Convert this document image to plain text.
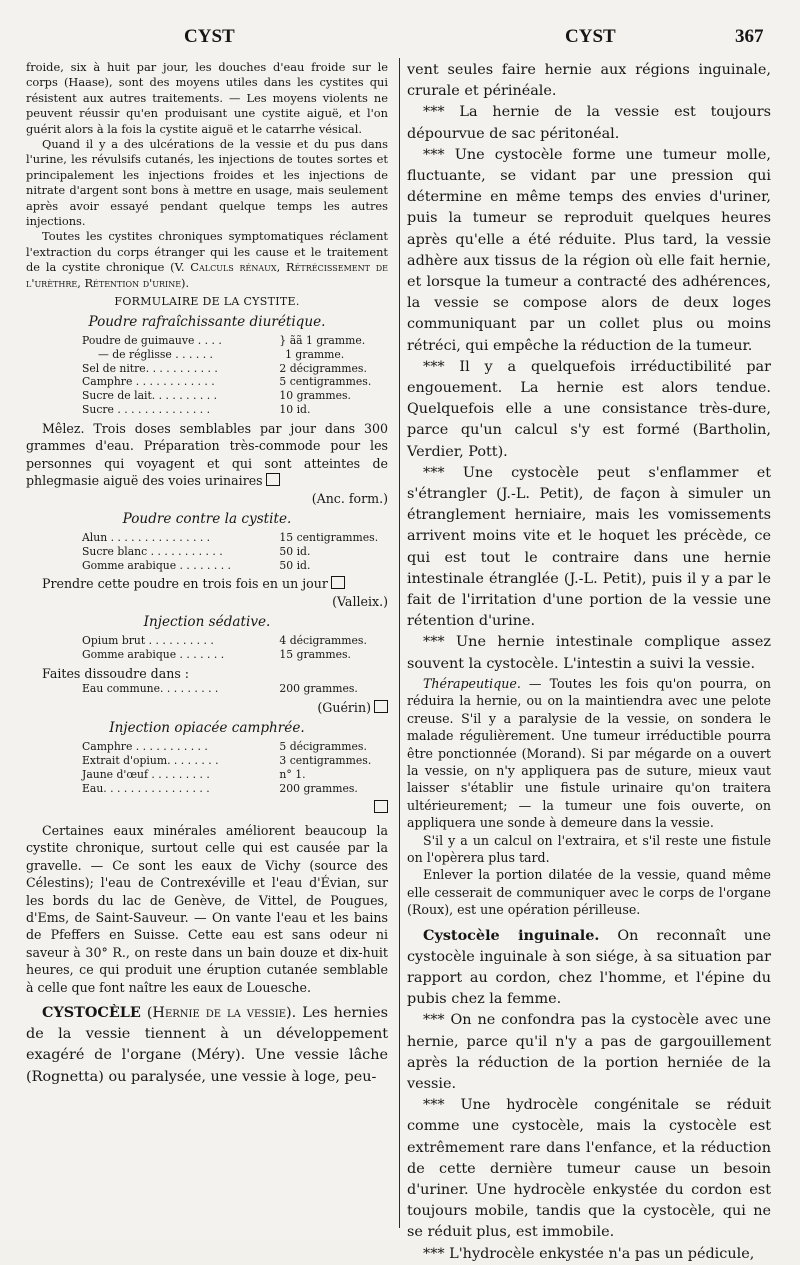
CYST	CYST	367

froide, six à huit par jour, les douches d'eau froide sur le corps (Haase), sont des moyens utiles dans les cystites qui résistent aux autres traitements. — Les moyens violents ne peuvent réussir qu'en produisant une cystite aiguë, et l'on guérit alors à la fois la cystite aiguë et le catarrhe vésical.

Quand il y a des ulcérations de la vessie et du pus dans l'urine, les révulsifs cutanés, les injections de toutes sortes et principalement les injections froides et les injections de nitrate d'argent sont bons à mettre en usage, mais seulement après avoir essayé pendant quelque temps les autres injections.

Toutes les cystites chroniques symptomatiques réclament l'extraction du corps étranger qui les cause et le traitement de la cystite chronique (V. Calculs rénaux, Rétrécissement de l'urèthre, Rétention d'urine).

FORMULAIRE DE LA CYSTITE.
Poudre rafraîchissante diurétique.
Poudre de guimauve . . . .	} ãã 1 gramme.
— de réglisse . . . . . .	1 gramme.
Sel de nitre. . . . . . . . . . .	2 décigrammes.
Camphre . . . . . . . . . . . .	5 centigrammes.
Sucre de lait. . . . . . . . . .	10 grammes.
Sucre . . . . . . . . . . . . . .	10 id.

Mêlez. Trois doses semblables par jour dans 300 grammes d'eau. Préparation très-commode pour les personnes qui voyagent et qui sont atteintes de phlegmasie aiguë des voies urinaires

(Anc. form.)

Poudre contre la cystite.
Alun . . . . . . . . . . . . . . .	15 centigrammes.
Sucre blanc . . . . . . . . . . .	50 id.
Gomme arabique . . . . . . . .	50 id.

Prendre cette poudre en trois fois en un jour

(Valleix.)

Injection sédative.
Opium brut . . . . . . . . . .	4 décigrammes.
Gomme arabique . . . . . . .	15 grammes.

Faites dissoudre dans :

Eau commune. . . . . . . . .	200 grammes.

(Guérin)

Injection opiacée camphrée.
Camphre . . . . . . . . . . .	5 décigrammes.
Extrait d'opium. . . . . . . .	3 centigrammes.
Jaune d'œuf . . . . . . . . .	n° 1.
Eau. . . . . . . . . . . . . . . .	200 grammes.

Certaines eaux minérales améliorent beaucoup la cystite chronique, surtout celle qui est causée par la gravelle. — Ce sont les eaux de Vichy (source des Célestins); l'eau de Contrexéville et l'eau d'Évian, sur les bords du lac de Genève, de Vittel, de Pougues, d'Ems, de Saint-Sauveur. — On vante l'eau et les bains de Pfeffers en Suisse. Cette eau est sans odeur ni saveur à 30° R., on reste dans un bain douze et dix-huit heures, ce qui produit une éruption cutanée semblable à celle que font naître les eaux de Louesche.

CYSTOCÈLE (Hernie de la vessie). Les hernies de la vessie tiennent à un développement exagéré de l'organe (Méry). Une vessie lâche (Rognetta) ou paralysée, une vessie à loge, peu-

vent seules faire hernie aux régions inguinale, crurale et périnéale.

*** La hernie de la vessie est toujours dépourvue de sac péritonéal.

*** Une cystocèle forme une tumeur molle, fluctuante, se vidant par une pression qui détermine en même temps des envies d'uriner, puis la tumeur se reproduit quelques heures après qu'elle a été réduite. Plus tard, la vessie adhère aux tissus de la région où elle fait hernie, et lorsque la tumeur a contracté des adhérences, la vessie se compose alors de deux loges communiquant par un collet plus ou moins rétréci, qui empêche la réduction de la tumeur.

*** Il y a quelquefois irréductibilité par engouement. La hernie est alors tendue. Quelquefois elle a une consistance très-dure, parce qu'un calcul s'y est formé (Bartholin, Verdier, Pott).

*** Une cystocèle peut s'enflammer et s'étrangler (J.-L. Petit), de façon à simuler un étranglement herniaire, mais les vomissements arrivent moins vite et le hoquet les précède, ce qui est tout le contraire dans une hernie intestinale étranglée (J.-L. Petit), puis il y a par le fait de l'irritation d'une portion de la vessie une rétention d'urine.

*** Une hernie intestinale complique assez souvent la cystocèle. L'intestin a suivi la vessie.

Thérapeutique. — Toutes les fois qu'on pourra, on réduira la hernie, ou on la maintiendra avec une pelote creuse. S'il y a paralysie de la vessie, on sondera le malade régulièrement. Une tumeur irréductible pourra être ponctionnée (Morand). Si par mégarde on a ouvert la vessie, on n'y appliquera pas de suture, mieux vaut laisser s'établir une fistule urinaire qu'on traitera ultérieurement; — la tumeur une fois ouverte, on appliquera une sonde à demeure dans la vessie.

S'il y a un calcul on l'extraira, et s'il reste une fistule on l'opèrera plus tard.

Enlever la portion dilatée de la vessie, quand même elle cesserait de communiquer avec le corps de l'organe (Roux), est une opération périlleuse.

Cystocèle inguinale. On reconnaît une cystocèle inguinale à son siége, à sa situation par rapport au cordon, chez l'homme, et l'épine du pubis chez la femme.

*** On ne confondra pas la cystocèle avec une hernie, parce qu'il n'y a pas de gargouillement après la réduction de la portion herniée de la vessie.

*** Une hydrocèle congénitale se réduit comme une cystocèle, mais la cystocèle est extrêmement rare dans l'enfance, et la réduction de cette dernière tumeur cause un besoin d'uriner. Une hydrocèle enkystée du cordon est toujours mobile, tandis que la cystocèle, qui ne se réduit plus, est immobile.

*** L'hydrocèle enkystée n'a pas un pédicule,
